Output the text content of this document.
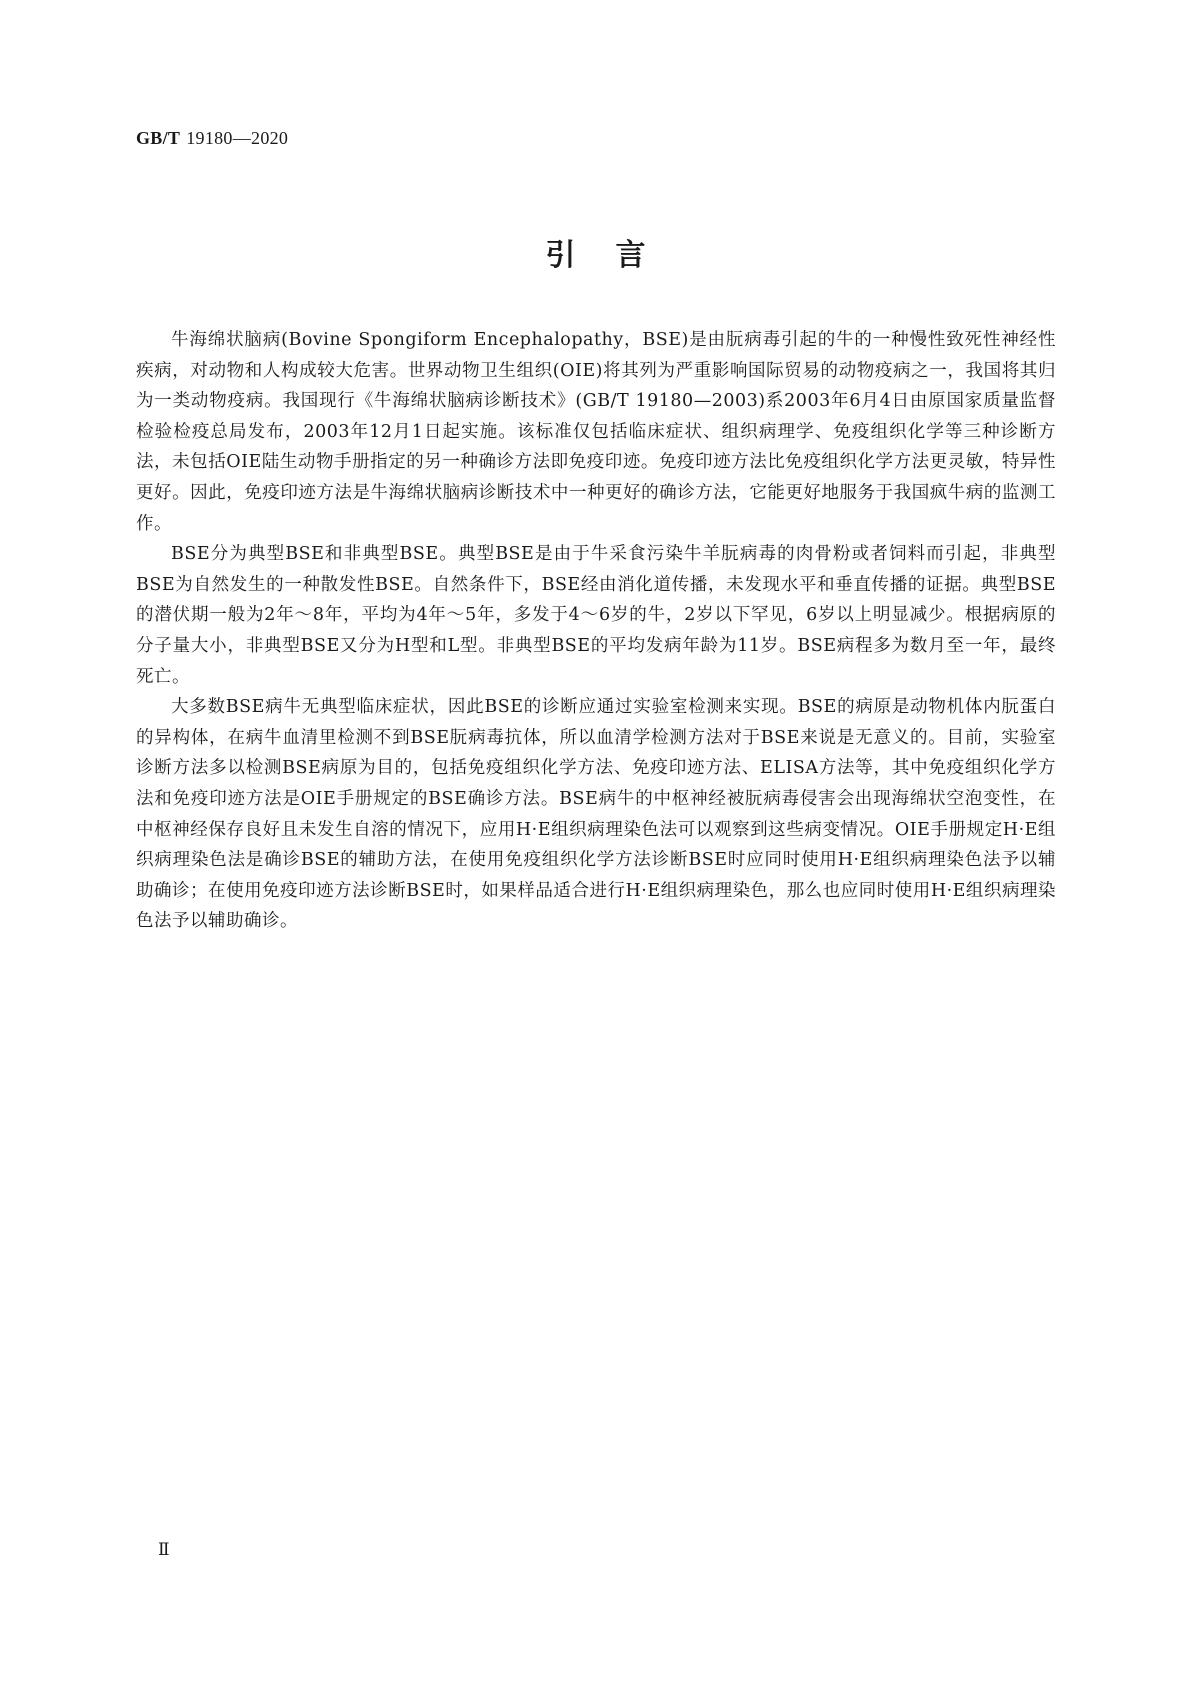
GB/T 19180—2020
引言

牛海绵状脑病(Bovine Spongiform Encephalopathy，BSE)是由朊病毒引起的牛的一种慢性致死性神经性疾病，对动物和人构成较大危害。世界动物卫生组织(OIE)将其列为严重影响国际贸易的动物疫病之一，我国将其归为一类动物疫病。我国现行《牛海绵状脑病诊断技术》(GB/T 19180—2003)系2003年6月4日由原国家质量监督检验检疫总局发布，2003年12月1日起实施。该标准仅包括临床症状、组织病理学、免疫组织化学等三种诊断方法，未包括OIE陆生动物手册指定的另一种确诊方法即免疫印迹。免疫印迹方法比免疫组织化学方法更灵敏，特异性更好。因此，免疫印迹方法是牛海绵状脑病诊断技术中一种更好的确诊方法，它能更好地服务于我国疯牛病的监测工作。

BSE分为典型BSE和非典型BSE。典型BSE是由于牛采食污染牛羊朊病毒的肉骨粉或者饲料而引起，非典型BSE为自然发生的一种散发性BSE。自然条件下，BSE经由消化道传播，未发现水平和垂直传播的证据。典型BSE的潜伏期一般为2年～8年，平均为4年～5年，多发于4～6岁的牛，2岁以下罕见，6岁以上明显减少。根据病原的分子量大小，非典型BSE又分为H型和L型。非典型BSE的平均发病年龄为11岁。BSE病程多为数月至一年，最终死亡。

大多数BSE病牛无典型临床症状，因此BSE的诊断应通过实验室检测来实现。BSE的病原是动物机体内朊蛋白的异构体，在病牛血清里检测不到BSE朊病毒抗体，所以血清学检测方法对于BSE来说是无意义的。目前，实验室诊断方法多以检测BSE病原为目的，包括免疫组织化学方法、免疫印迹方法、ELISA方法等，其中免疫组织化学方法和免疫印迹方法是OIE手册规定的BSE确诊方法。BSE病牛的中枢神经被朊病毒侵害会出现海绵状空泡变性，在中枢神经保存良好且未发生自溶的情况下，应用H·E组织病理染色法可以观察到这些病变情况。OIE手册规定H·E组织病理染色法是确诊BSE的辅助方法，在使用免疫组织化学方法诊断BSE时应同时使用H·E组织病理染色法予以辅助确诊；在使用免疫印迹方法诊断BSE时，如果样品适合进行H·E组织病理染色，那么也应同时使用H·E组织病理染色法予以辅助确诊。

Ⅱ
